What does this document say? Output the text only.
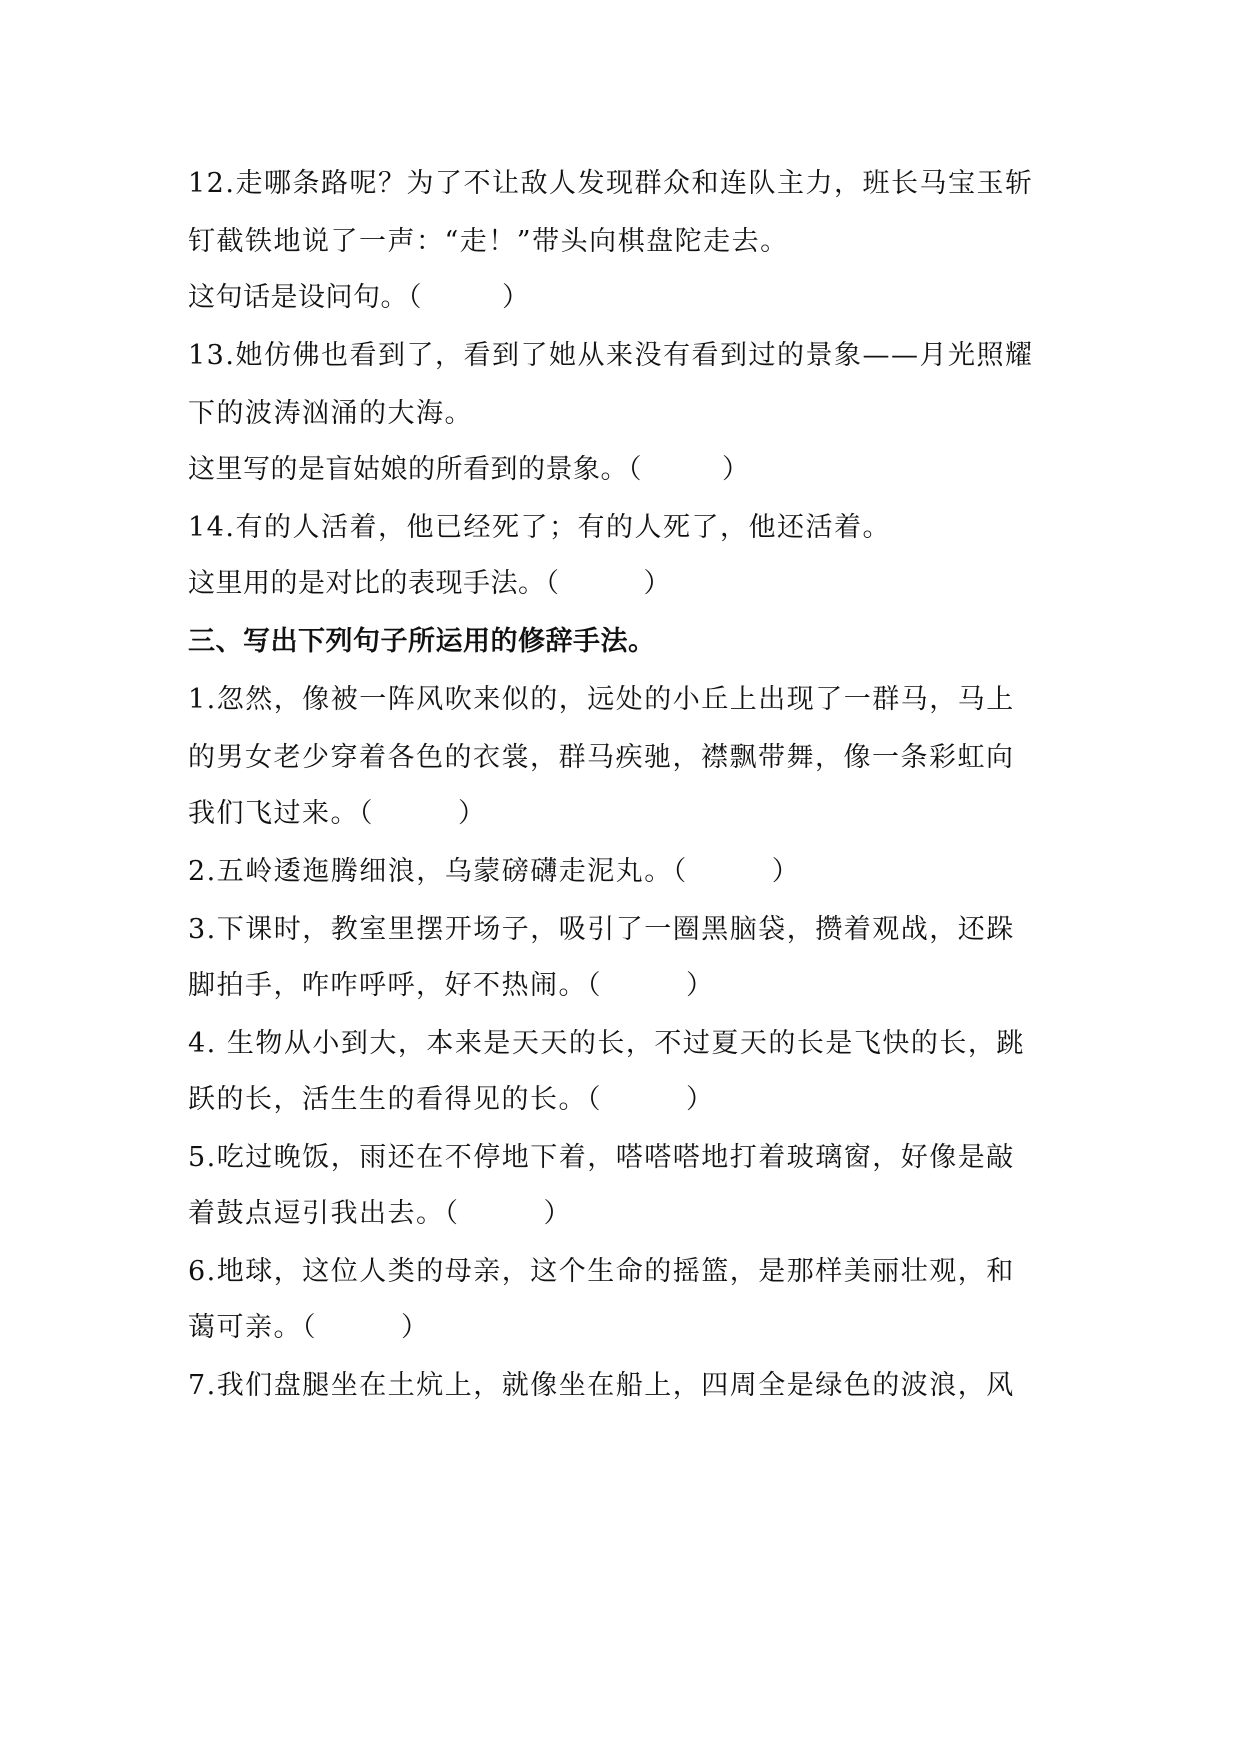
12.走哪条路呢？为了不让敌人发现群众和连队主力，班长马宝玉斩
钉截铁地说了一声：“走！”带头向棋盘陀走去。
这句话是设问句。（	）
13.她仿佛也看到了，看到了她从来没有看到过的景象——月光照耀
下的波涛汹涌的大海。
这里写的是盲姑娘的所看到的景象。（	）
14.有的人活着，他已经死了；有的人死了，他还活着。
这里用的是对比的表现手法。（	）
三、写出下列句子所运用的修辞手法。
1.忽然，像被一阵风吹来似的，远处的小丘上出现了一群马，马上
的男女老少穿着各色的衣裳，群马疾驰，襟飘带舞，像一条彩虹向
我们飞过来。（	）
2.五岭逶迤腾细浪，乌蒙磅礴走泥丸。（	）
3.下课时，教室里摆开场子，吸引了一圈黑脑袋，攒着观战，还跺
脚拍手，咋咋呼呼，好不热闹。（	）
4. 生物从小到大，本来是天天的长，不过夏天的长是飞快的长，跳
跃的长，活生生的看得见的长。（	）
5.吃过晚饭，雨还在不停地下着，嗒嗒嗒地打着玻璃窗，好像是敲
着鼓点逗引我出去。（	）
6.地球，这位人类的母亲，这个生命的摇篮，是那样美丽壮观，和
蔼可亲。（	）
7.我们盘腿坐在土炕上，就像坐在船上，四周全是绿色的波浪，风
